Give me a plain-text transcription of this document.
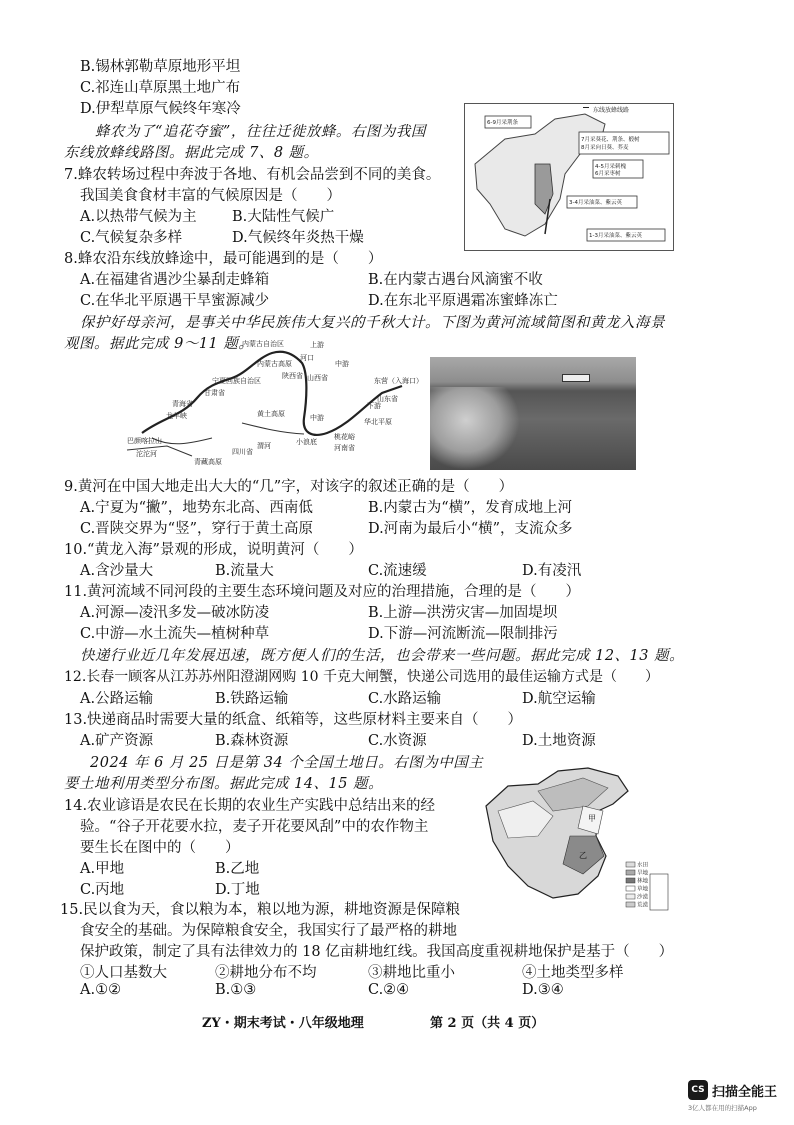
B.锡林郭勒草原地形平坦
C.祁连山草原黑土地广布
D.伊犁草原气候终年寒冷
蜂农为了“追花夺蜜”，往往迁徙放蜂。右图为我国
东线放蜂线路图。据此完成 7、8 题。
7.蜂农转场过程中奔波于各地、有机会品尝到不同的美食。
我国美食食材丰富的气候原因是（　　）
A.以热带气候为主 B.大陆性气候广
C.气候复杂多样	D.气候终年炎热干燥
8.蜂农沿东线放蜂途中，最可能遇到的是（　　）
A.在福建省遇沙尘暴刮走蜂箱	B.在内蒙古遇台风滴蜜不收
C.在华北平原遇干旱蜜源减少	D.在东北平原遇霜冻蜜蜂冻亡
保护好母亲河，是事关中华民族伟大复兴的千秋大计。下图为黄河流域简图和黄龙入海景
观图。据此完成 9～11 题。
东线放蜂线路
6-9月采荆条
7月采葵花、荆条、椴树
8月采向日葵、荞麦
4-5月采刺槐
6月采枣树
3-4月采油菜、紫云英
1-3月采油菜、紫云英
内蒙古自治区	上游
河口
中游
内蒙古高原
宁夏回族自治区
甘肃省
陕西省 山西省
青海省
龙羊峡	黄土高原	中游
下游
东营（入海口）
山东省
华北平原
巴颜喀拉山
沱沱河
渭河	小浪底
桃花峪
河南省
四川省
青藏高原
9.黄河在中国大地走出大大的“几”字，对该字的叙述正确的是（　　）
A.宁夏为“撇”，地势东北高、西南低	B.内蒙古为“横”，发育成地上河
C.晋陕交界为“竖”，穿行于黄土高原	D.河南为最后小“横”，支流众多
10.“黄龙入海”景观的形成，说明黄河（　　）
A.含沙量大	B.流量大	C.流速缓	D.有凌汛
11.黄河流域不同河段的主要生态环境问题及对应的治理措施，合理的是（　　）
A.河源—凌汛多发—破冰防凌	B.上游—洪涝灾害—加固堤坝
C.中游—水土流失—植树种草	D.下游—河流断流—限制排污
快递行业近几年发展迅速，既方便人们的生活，也会带来一些问题。据此完成 12、13 题。
12.长春一顾客从江苏苏州阳澄湖网购 10 千克大闸蟹，快递公司选用的最佳运输方式是（　　）
A.公路运输	B.铁路运输	C.水路运输	D.航空运输
13.快递商品时需要大量的纸盒、纸箱等，这些原材料主要来自（　　）
A.矿产资源	B.森林资源	C.水资源	D.土地资源
2024 年 6 月 25 日是第 34 个全国土地日。右图为中国主
要土地利用类型分布图。据此完成 14、15 题。
14.农业谚语是农民在长期的农业生产实践中总结出来的经
验。“谷子开花要水拉，麦子开花要风刮”中的农作物主
要生长在图中的（　　）
A.甲地	B.乙地
C.丙地	D.丁地
甲
乙
水田
旱地
林地
草地
沙漠
荒漠
15.民以食为天，食以粮为本，粮以地为源，耕地资源是保障粮
食安全的基础。为保障粮食安全，我国实行了最严格的耕地
保护政策，制定了具有法律效力的 18 亿亩耕地红线。我国高度重视耕地保护是基于（　　）
①人口基数大	②耕地分布不均	③耕地比重小	④土地类型多样
A.①②	B.①③	C.②④	D.③④
ZY・期末考试・八年级地理	第 2 页（共 4 页）
CS 扫描全能王
3亿人都在用的扫描App
